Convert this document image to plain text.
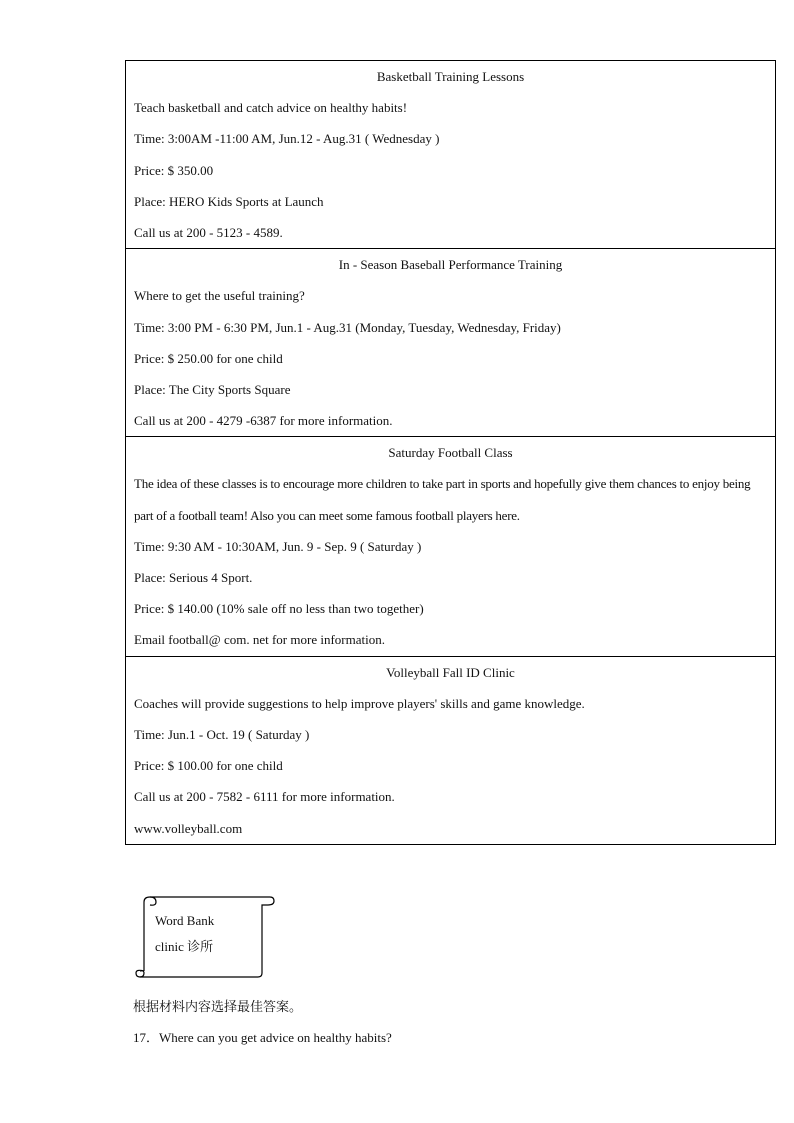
Basketball Training Lessons
Teach basketball and catch advice on healthy habits!
Time: 3:00AM -11:00 AM, Jun.12 - Aug.31 ( Wednesday )
Price: $ 350.00
Place: HERO Kids Sports at Launch
Call us at 200 - 5123 - 4589.
In - Season Baseball Performance Training
Where to get the useful training?
Time: 3:00 PM - 6:30 PM, Jun.1 - Aug.31 (Monday, Tuesday, Wednesday, Friday)
Price: $ 250.00 for one child
Place: The City Sports Square
Call us at 200 - 4279 -6387 for more information.
Saturday Football Class
The idea of these classes is to encourage more children to take part in sports and hopefully give them chances to enjoy being part of a football team! Also you can meet some famous football players here.
Time: 9:30 AM - 10:30AM, Jun. 9 - Sep. 9 ( Saturday )
Place: Serious 4 Sport.
Price: $ 140.00 (10% sale off no less than two together)
Email football@ com. net for more information.
Volleyball Fall ID Clinic
Coaches will provide suggestions to help improve players' skills and game knowledge.
Time: Jun.1 - Oct. 19 ( Saturday )
Price: $ 100.00 for one child
Call us at 200 - 7582 - 6111 for more information.
www.volleyball.com
Word Bank
clinic 诊所
根据材料内容选择最佳答案。
17．Where can you get advice on healthy habits?
